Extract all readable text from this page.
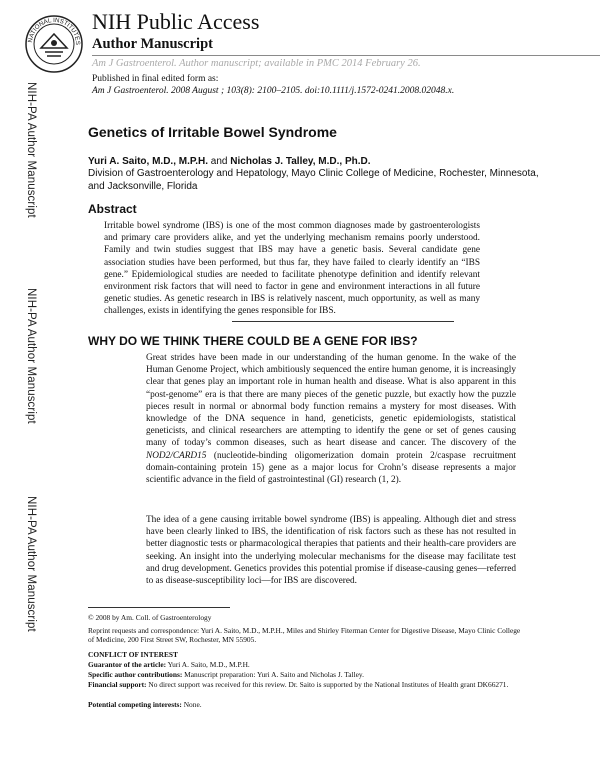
NATIONAL INSTITUTES
NIH Public Access
Author Manuscript
Am J Gastroenterol. Author manuscript; available in PMC 2014 February 26.
NIH-PA Author Manuscript
NIH-PA Author Manuscript
NIH-PA Author Manuscript
Published in final edited form as:
Am J Gastroenterol. 2008 August ; 103(8): 2100–2105. doi:10.1111/j.1572-0241.2008.02048.x.
Genetics of Irritable Bowel Syndrome
Yuri A. Saito, M.D., M.P.H. and Nicholas J. Talley, M.D., Ph.D.
Division of Gastroenterology and Hepatology, Mayo Clinic College of Medicine, Rochester, Minnesota, and Jacksonville, Florida
Abstract
Irritable bowel syndrome (IBS) is one of the most common diagnoses made by gastroenterologists and primary care providers alike, and yet the underlying mechanism remains poorly understood. Family and twin studies suggest that IBS may have a genetic basis. Several candidate gene association studies have been performed, but thus far, they have failed to clearly identify an “IBS gene.” Epidemiological studies are needed to facilitate phenotype definition and identify relevant environment risk factors that will need to factor in gene and environment interactions in all future genetic studies. As genetic research in IBS is relatively nascent, much opportunity, as well as many challenges, exists in identifying the genes responsible for IBS.
WHY DO WE THINK THERE COULD BE A GENE FOR IBS?
Great strides have been made in our understanding of the human genome. In the wake of the Human Genome Project, which ambitiously sequenced the entire human genome, it is increasingly clear that genes play an important role in human health and disease. What is also apparent in this “post-genome” era is that there are many pieces of the genetic puzzle, but exactly how the puzzle pieces result in normal or abnormal body function remains a mystery for most diseases. With knowledge of the DNA sequence in hand, geneticists, genetic epidemiologists, statistical geneticists, and clinical researchers are attempting to identify the gene or set of genes causing many of today’s common diseases, such as heart disease and cancer. The discovery of the NOD2/CARD15 (nucleotide-binding oligomerization domain protein 2/caspase recruitment domain-containing protein 15) gene as a major locus for Crohn’s disease represents a major scientific advance in the field of gastrointestinal (GI) research (1, 2).
The idea of a gene causing irritable bowel syndrome (IBS) is appealing. Although diet and stress have been clearly linked to IBS, the identification of risk factors such as these has not resulted in better diagnostic tests or pharmacological therapies that patients and their health-care providers are seeking. An insight into the underlying molecular mechanisms for the disease may facilitate test and drug development. Genetics provides this potential promise if disease-causing genes—referred to as disease-susceptibility loci—for IBS are discovered.
© 2008 by Am. Coll. of Gastroenterology
Reprint requests and correspondence: Yuri A. Saito, M.D., M.P.H., Miles and Shirley Fiterman Center for Digestive Disease, Mayo Clinic College of Medicine, 200 First Street SW, Rochester, MN 55905.
CONFLICT OF INTEREST
Guarantor of the article: Yuri A. Saito, M.D., M.P.H.
Specific author contributions: Manuscript preparation: Yuri A. Saito and Nicholas J. Talley.
Financial support: No direct support was received for this review. Dr. Saito is supported by the National Institutes of Health grant DK66271.
Potential competing interests: None.
